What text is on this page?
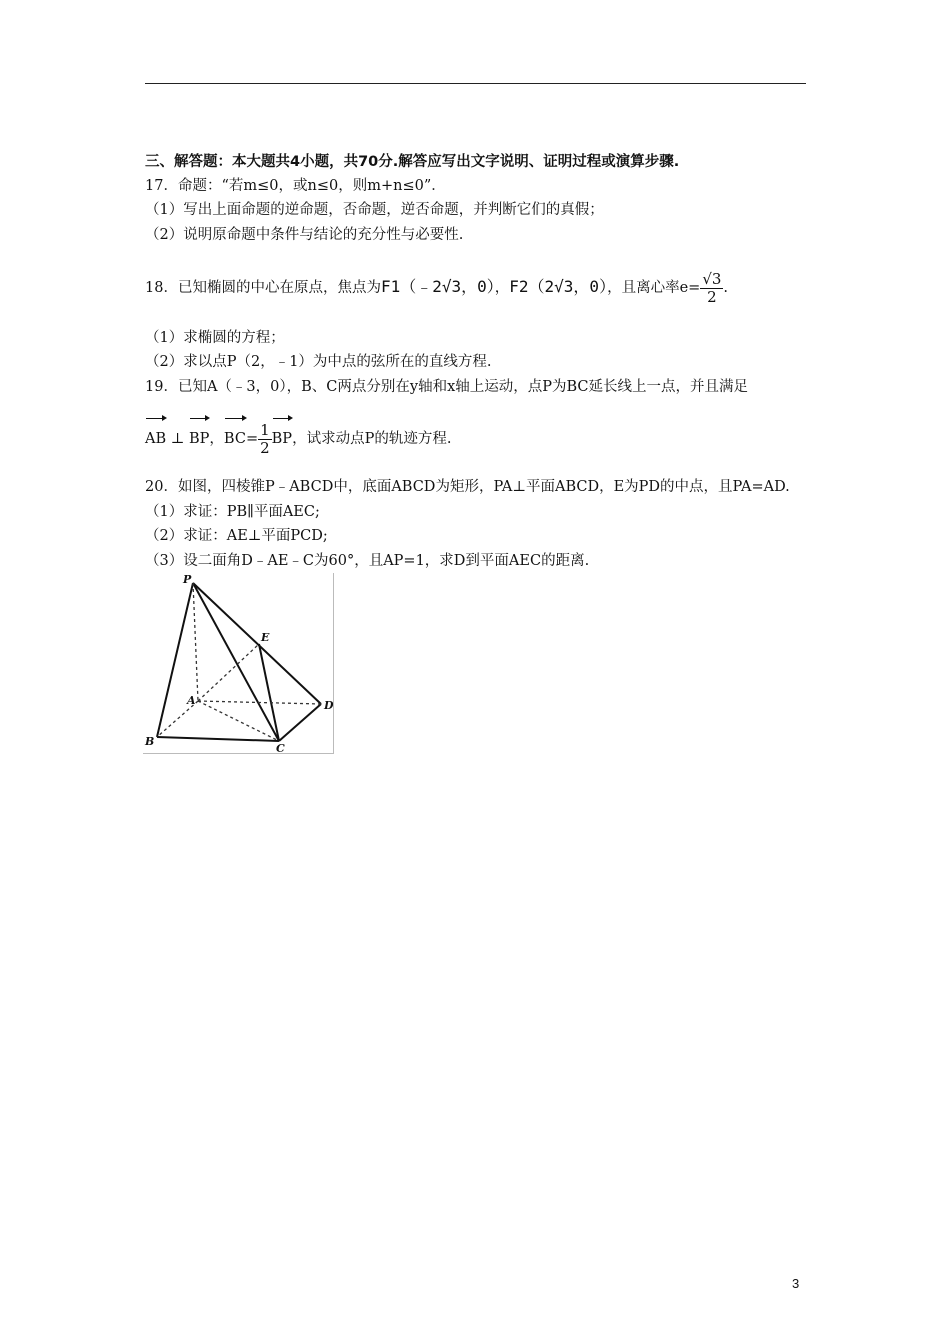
三、解答题：本大题共4小题，共70分.解答应写出文字说明、证明过程或演算步骤.
17．命题：“若m≤0，或n≤0，则m+n≤0”．
（1）写出上面命题的逆命题，否命题，逆否命题，并判断它们的真假；
（2）说明原命题中条件与结论的充分性与必要性.
18．已知椭圆的中心在原点，焦点为F1（﹣2√3，0），F2（2√3，0），且离心率$e= \frac{√3}{2}$ .
（1）求椭圆的方程；
（2）求以点P（2，﹣1）为中点的弦所在的直线方程.
19．已知A（﹣3，0），B、C两点分别在y轴和x轴上运动，点P为BC延长线上一点，并且满足
AB ⊥ BP，$BC= \frac{1}{2}$ BP，试求动点P的轨迹方程.
20．如图，四棱锥P﹣ABCD中，底面ABCD为矩形，PA⊥平面ABCD，E为PD的中点，且PA=AD.
（1）求证：PB∥平面AEC;
（2）求证：AE⊥平面PCD;
（3）设二面角D﹣AE﹣C为60°，且AP=1，求D到平面AEC的距离.
P
E
A	D
B
C
3
